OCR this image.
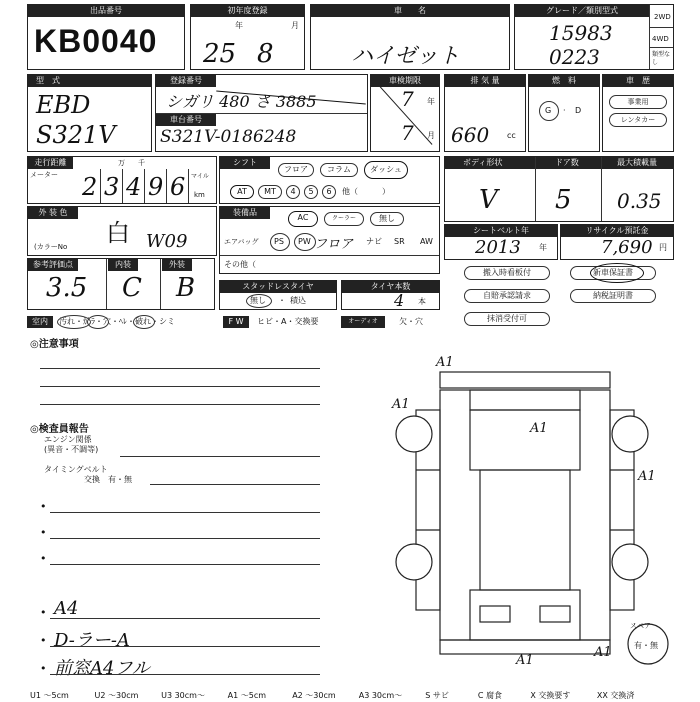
出品番号
KB0040
初年度登録
年	月
25 8
車　　名
ハイゼット
グレード／類別型式
15983
0223
2WD
4WD
類型なし
型　式
EBD
S321V
登録番号
シガリ 480 さ 3885
車台番号
S321V-0186248
車検期限
7 年
7 月
排 気 量
660 cc
燃　料
G · D
車　歴
事業用
レンタカー
走行距離
メーター
万 千
2 3 4 9 6 マイル
km
シフト
フロア	コラム	ダッシュ
AT	MT	4	5	6	他（　　　）
ボディ形状	ドア数	最大積載量
V 5 0.35
外 装 色
白
(カラーNo	W09
装備品
AC	クーラー	無し
エアバッグ PS PW フロア ナビ SR AW
その他（
シートベルト年
2013 年
リサイクル預託金
7,690 円
参考評価点	内装	外装
3.5 C B	スタッドレスタイヤ
無し ・ 積込
タイヤ本数
4 本
搬入時看板付	新車保証書
自賠承認請求	納税証明書
抹消受付可
室内	汚れ・ｶﾞﾗ・穴・ﾍﾚ・破れ・シミ	F W	ヒビ・A・交換要	オーディオ	欠・穴
◎注意事項
◎検査員報告
エンジン関係
(異音・不調等)
タイミングベルト
交換　有・無
•
•
•
• A4
• D-ラー-A
• 前窓A4フル
A1
A1
A1
A1
A1
A1
スペア
有・無
U1 ～5cm	U2 ～30cm	U3 30cm～	A1 ～5cm	A2 ～30cm	A3 30cm～	S サビ	C 腐食	X 交換要す	XX 交換済
